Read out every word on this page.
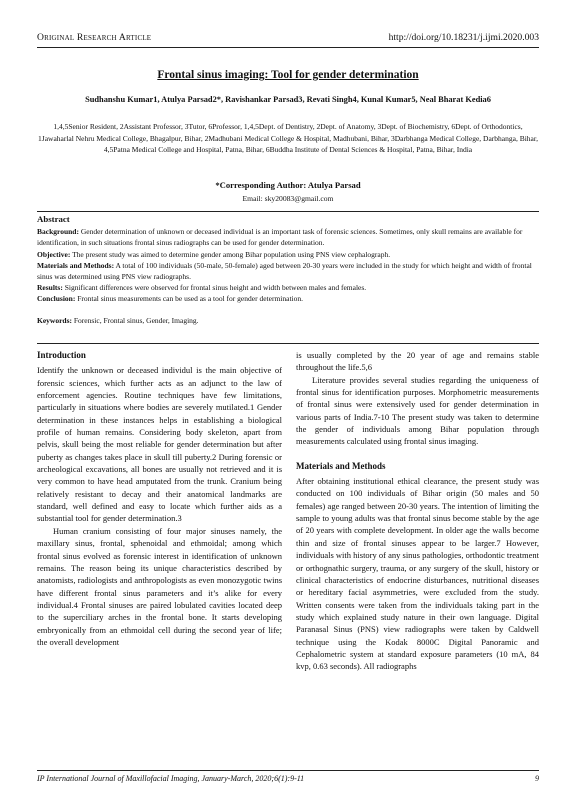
Original Research Article	http://doi.org/10.18231/j.ijmi.2020.003
Frontal sinus imaging: Tool for gender determination
Sudhanshu Kumar1, Atulya Parsad2*, Ravishankar Parsad3, Revati Singh4, Kunal Kumar5, Neal Bharat Kedia6
1,4,5Senior Resident, 2Assistant Professor, 3Tutor, 6Professor, 1,4,5Dept. of Dentistry, 2Dept. of Anatomy, 3Dept. of Biochemistry, 6Dept. of Orthodontics, 1Jawaharlal Nehru Medical College, Bhagalpur, Bihar, 2Madhubani Medical College & Hospital, Madhubani, Bihar, 3Darbhanga Medical College, Darbhanga, Bihar, 4,5Patna Medical College and Hospital, Patna, Bihar, 6Buddha Institute of Dental Sciences & Hospital, Patna, Bihar, India
*Corresponding Author: Atulya Parsad
Email: sky20083@gmail.com
Abstract

Background: Gender determination of unknown or deceased individual is an important task of forensic sciences. Sometimes, only skull remains are available for identification, in such situations frontal sinus radiographs can be used for gender determination.

Objective: The present study was aimed to determine gender among Bihar population using PNS view cephalograph.

Materials and Methods: A total of 100 individuals (50-male, 50-female) aged between 20-30 years were included in the study for which height and width of frontal sinus was determined using PNS view radiographs.

Results: Significant differences were observed for frontal sinus height and width between males and females.

Conclusion: Frontal sinus measurements can be used as a tool for gender determination.

Keywords: Forensic, Frontal sinus, Gender, Imaging.

Introduction

Identify the unknown or deceased individul is the main objective of forensic sciences, which further acts as an adjunct to the law of enforcement agencies. Routine techniques have few limitations, particularly in situations where bodies are severely mutilated.1 Gender determination in these instances helps in establishing a biological profile of human remains. Considering body skeleton, apart from pelvis, skull being the most reliable for gender determination but after puberty as changes takes place in skull till puberty.2 During forensic or archeological excavations, all bones are usually not retrieved and it is very common to have head amputated from the trunk. Cranium being relatively resistant to decay and their anatomical landmarks are standard, well defined and easy to locate which further aids as a substantial tool for gender determination.3

Human cranium consisting of four major sinuses namely, the maxillary sinus, frontal, sphenoidal and ethmoidal; among which frontal sinus evolved as forensic interest in identification of unknown remains. The reason being its unique characteristics described by anatomists, radiologists and anthropologists as even monozygotic twins have different frontal sinus parameters and it’s alike for every individual.4 Frontal sinuses are paired lobulated cavities located deep to the superciliary arches in the frontal bone. It starts developing embryonically from an ethmoidal cell during the second year of life; the overall development

is usually completed by the 20 year of age and remains stable throughout the life.5,6

Literature provides several studies regarding the uniqueness of frontal sinus for identification purposes. Morphometric measurements of frontal sinus were extensively used for gender determination in various parts of India.7-10 The present study was taken to determine the gender of individuals among Bihar population through measurements calculated using frontal sinus imaging.

Materials and Methods

After obtaining institutional ethical clearance, the present study was conducted on 100 individuals of Bihar origin (50 males and 50 females) age ranged between 20-30 years. The intention of limiting the sample to young adults was that frontal sinus become stable by the age of 20 years with complete development. In older age the walls become thin and size of frontal sinuses appear to be larger.7 However, individuals with history of any sinus pathologies, orthodontic treatment or orthognathic surgery, trauma, or any surgery of the skull, history or clinical characteristics of endocrine disturbances, nutritional diseases or hereditary facial asymmetries, were excluded from the study. Written consents were taken from the individuals taking part in the study which explained study nature in their own language. Digital Paranasal Sinus (PNS) view radiographs were taken by Caldwell technique using the Kodak 8000C Digital Panoramic and Cephalometric system at standard exposure parameters (10 mA, 84 kvp, 0.63 seconds). All radiographs

IP International Journal of Maxillofacial Imaging, January-March, 2020;6(1):9-11	9
